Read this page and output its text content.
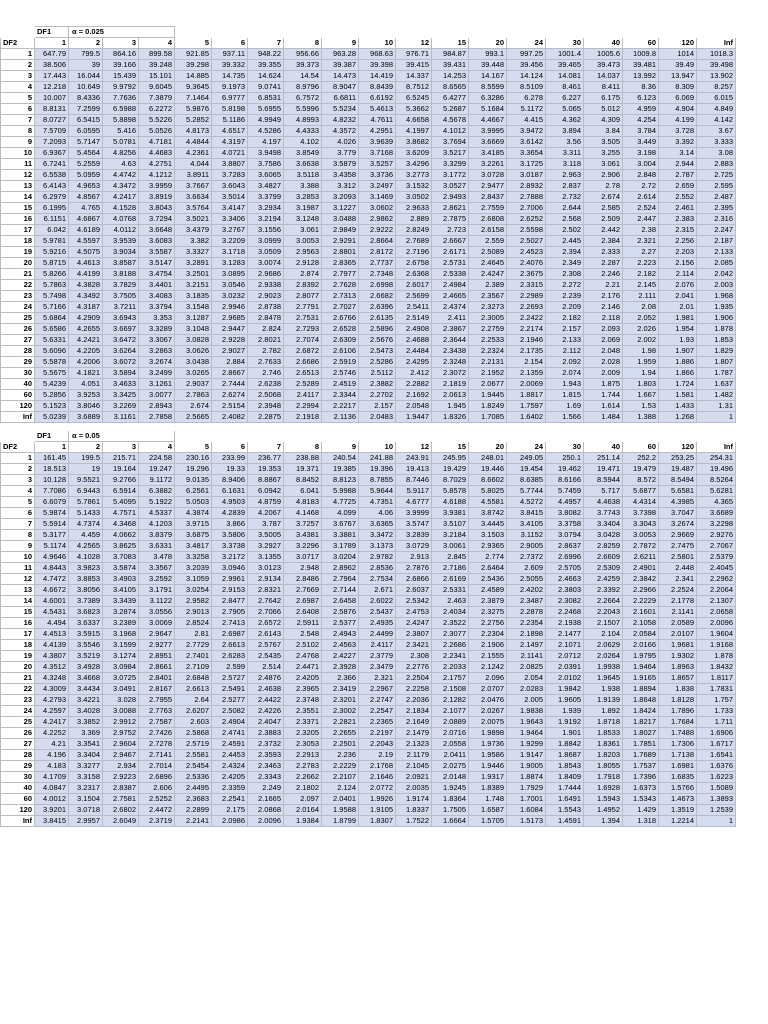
	DF1	α = 0.025																	
DF2	1	2	3	4	5	6	7	8	9	10	12	15	20	24	30	40	60	120	Inf
1	647.79	799.5	864.16	899.58	921.85	937.11	948.22	956.66	963.28	968.63	976.71	984.87	993.1	997.25	1001.4	1005.6	1009.8	1014	1018.3
2	38.506	39	39.166	39.248	39.298	39.332	39.355	39.373	39.387	39.398	39.415	39.431	39.448	39.456	39.465	39.473	39.481	39.49	39.498
3	17.443	16.044	15.439	15.101	14.885	14.735	14.624	14.54	14.473	14.419	14.337	14.253	14.167	14.124	14.081	14.037	13.992	13.947	13.902
4	12.218	10.649	9.9792	9.6045	9.3645	9.1973	9.0741	8.9796	8.9047	8.8439	8.7512	8.6565	8.5599	8.5109	8.461	8.411	8.36	8.309	8.257
5	10.007	8.4336	7.7636	7.3879	7.1464	6.9777	6.8531	6.7572	6.6811	6.6192	6.5245	6.4277	6.3286	6.278	6.227	6.175	6.123	6.069	6.015
6	8.8131	7.2599	6.5988	6.2272	5.9876	5.8198	5.6955	5.5996	5.5234	5.4613	5.3662	5.2687	5.1684	5.1172	5.065	5.012	4.959	4.904	4.849
7	8.0727	6.5415	5.8898	5.5226	5.2852	5.1186	4.9949	4.8993	4.8232	4.7611	4.6658	4.5678	4.4667	4.415	4.362	4.309	4.254	4.199	4.142
8	7.5709	6.0595	5.416	5.0526	4.8173	4.6517	4.5286	4.4333	4.3572	4.2951	4.1997	4.1012	3.9995	3.9472	3.894	3.84	3.784	3.728	3.67
9	7.2093	5.7147	5.0781	4.7181	4.4844	4.3197	4.197	4.102	4.026	3.9639	3.8682	3.7694	3.6669	3.6142	3.56	3.505	3.449	3.392	3.333
10	6.9367	5.4564	4.8256	4.4683	4.2361	4.0721	3.9498	3.8549	3.779	3.7168	3.6209	3.5217	3.4185	3.3654	3.311	3.255	3.198	3.14	3.08
11	6.7241	5.2559	4.63	4.2751	4.044	3.8807	3.7586	3.6638	3.5879	3.5257	3.4296	3.3299	3.2261	3.1725	3.118	3.061	3.004	2.944	2.883
12	6.5538	5.0959	4.4742	4.1212	3.8911	3.7283	3.6065	3.5118	3.4358	3.3736	3.2773	3.1772	3.0728	3.0187	2.963	2.906	2.848	2.787	2.725
13	6.4143	4.9653	4.3472	3.9959	3.7667	3.6043	3.4827	3.388	3.312	3.2497	3.1532	3.0527	2.9477	2.8932	2.837	2.78	2.72	2.659	2.595
14	6.2979	4.8567	4.2417	3.8919	3.6634	3.5014	3.3799	3.2853	3.2093	3.1469	3.0502	2.9493	2.8437	2.7888	2.732	2.674	2.614	2.552	2.487
15	6.1995	4.765	4.1528	3.8043	3.5764	3.4147	3.2934	3.1987	3.1227	3.0602	2.9633	2.8621	2.7559	2.7006	2.644	2.585	2.524	2.461	2.395
16	6.1151	4.6867	4.0768	3.7294	3.5021	3.3406	3.2194	3.1248	3.0488	2.9862	2.889	2.7875	2.6808	2.6252	2.568	2.509	2.447	2.383	2.316
17	6.042	4.6189	4.0112	3.6648	3.4379	3.2767	3.1556	3.061	2.9849	2.9222	2.8249	2.723	2.6158	2.5598	2.502	2.442	2.38	2.315	2.247
18	5.9781	4.5597	3.9539	3.6083	3.382	3.2209	3.0999	3.0053	2.9291	2.8664	2.7689	2.6667	2.559	2.5027	2.445	2.384	2.321	2.256	2.187
19	5.9216	4.5075	3.9034	3.5587	3.3327	3.1718	3.0509	2.9563	2.8801	2.8172	2.7196	2.6171	2.5089	2.4523	2.394	2.333	2.27	2.203	2.133
20	5.8715	4.4613	3.8587	3.5147	3.2891	3.1283	3.0074	2.9128	2.8365	2.7737	2.6758	2.5731	2.4645	2.4076	2.349	2.287	2.223	2.156	2.085
21	5.8266	4.4199	3.8188	3.4754	3.2501	3.0895	2.9686	2.874	2.7977	2.7348	2.6368	2.5338	2.4247	2.3675	2.308	2.246	2.182	2.114	2.042
22	5.7863	4.3828	3.7829	3.4401	3.2151	3.0546	2.9338	2.8392	2.7628	2.6998	2.6017	2.4984	2.389	2.3315	2.272	2.21	2.145	2.076	2.003
23	5.7498	4.3492	3.7505	3.4083	3.1835	3.0232	2.9023	2.8077	2.7313	2.6682	2.5699	2.4665	2.3567	2.2989	2.239	2.176	2.111	2.041	1.968
24	5.7166	4.3187	3.7211	3.3794	3.1548	2.9946	2.8738	2.7791	2.7027	2.6396	2.5411	2.4374	2.3273	2.2693	2.209	2.146	2.08	2.01	1.935
25	5.6864	4.2909	3.6943	3.353	3.1287	2.9685	2.8478	2.7531	2.6766	2.6135	2.5149	2.411	2.3005	2.2422	2.182	2.118	2.052	1.981	1.906
26	5.6586	4.2655	3.6697	3.3289	3.1048	2.9447	2.824	2.7293	2.6528	2.5896	2.4908	2.3867	2.2759	2.2174	2.157	2.093	2.026	1.954	1.878
27	5.6331	4.2421	3.6472	3.3067	3.0828	2.9228	2.8021	2.7074	2.6309	2.5676	2.4688	2.3644	2.2533	2.1946	2.133	2.069	2.002	1.93	1.853
28	5.6096	4.2205	3.6264	3.2863	3.0626	2.9027	2.782	2.6872	2.6106	2.5473	2.4484	2.3438	2.2324	2.1735	2.112	2.048	1.98	1.907	1.829
29	5.5878	4.2006	3.6072	3.2674	3.0438	2.884	2.7633	2.6686	2.5919	2.5286	2.4295	2.3248	2.2131	2.154	2.092	2.028	1.959	1.886	1.807
30	5.5675	4.1821	3.5894	3.2499	3.0265	2.8667	2.746	2.6513	2.5746	2.5112	2.412	2.3072	2.1952	2.1359	2.074	2.009	1.94	1.866	1.787
40	5.4239	4.051	3.4633	3.1261	2.9037	2.7444	2.6238	2.5289	2.4519	2.3882	2.2882	2.1819	2.0677	2.0069	1.943	1.875	1.803	1.724	1.637
60	5.2856	3.9253	3.3425	3.0077	2.7863	2.6274	2.5068	2.4117	2.3344	2.2702	2.1692	2.0613	1.9445	1.8817	1.815	1.744	1.667	1.581	1.482
120	5.1523	3.8046	3.2269	2.8943	2.674	2.5154	2.3948	2.2994	2.2217	2.157	2.0548	1.945	1.8249	1.7597	1.69	1.614	1.53	1.433	1.31
Inf	5.0239	3.6889	3.1161	2.7858	2.5665	2.4082	2.2875	2.1918	2.1136	2.0483	1.9447	1.8326	1.7085	1.6402	1.566	1.484	1.388	1.268	1

	DF1	α = 0.05																	
DF2	1	2	3	4	5	6	7	8	9	10	12	15	20	24	30	40	60	120	Inf
1	161.45	199.5	215.71	224.58	230.16	233.99	236.77	238.88	240.54	241.88	243.91	245.95	248.01	249.05	250.1	251.14	252.2	253.25	254.31
2	18.513	19	19.164	19.247	19.296	19.33	19.353	19.371	19.385	19.396	19.413	19.429	19.446	19.454	19.462	19.471	19.479	19.487	19.496
3	10.128	9.5521	9.2766	9.1172	9.0135	8.9406	8.8867	8.8452	8.8123	8.7855	8.7446	8.7029	8.6602	8.6385	8.6166	8.5944	8.572	8.5494	8.5264
4	7.7086	6.9443	6.5914	6.3882	6.2561	6.1631	6.0942	6.041	5.9988	5.9644	5.9117	5.8578	5.8025	5.7744	5.7459	5.717	5.6877	5.6581	5.6281
5	6.6079	5.7861	5.4095	5.1922	5.0503	4.9503	4.8759	4.8183	4.7725	4.7351	4.6777	4.6188	4.5581	4.5272	4.4957	4.4638	4.4314	4.3985	4.365
6	5.9874	5.1433	4.7571	4.5337	4.3874	4.2839	4.2067	4.1468	4.099	4.06	3.9999	3.9381	3.8742	3.8415	3.8082	3.7743	3.7398	3.7047	3.6689
7	5.5914	4.7374	4.3468	4.1203	3.9715	3.866	3.787	3.7257	3.6767	3.6365	3.5747	3.5107	3.4445	3.4105	3.3758	3.3404	3.3043	3.2674	3.2298
8	5.3177	4.459	4.0662	3.8379	3.6875	3.5806	3.5005	3.4381	3.3881	3.3472	3.2839	3.2184	3.1503	3.1152	3.0794	3.0428	3.0053	2.9669	2.9276
9	5.1174	4.2565	3.8625	3.6331	3.4817	3.3738	3.2927	3.2296	3.1789	3.1373	3.0729	3.0061	2.9365	2.9005	2.8637	2.8259	2.7872	2.7475	2.7067
10	4.9646	4.1028	3.7083	3.478	3.3258	3.2172	3.1355	3.0717	3.0204	2.9782	2.913	2.845	2.774	2.7372	2.6996	2.6609	2.6211	2.5801	2.5379
11	4.8443	3.9823	3.5874	3.3567	3.2039	3.0946	3.0123	2.948	2.8962	2.8536	2.7876	2.7186	2.6464	2.609	2.5705	2.5309	2.4901	2.448	2.4045
12	4.7472	3.8853	3.4903	3.2592	3.1059	2.9961	2.9134	2.8486	2.7964	2.7534	2.6866	2.6169	2.5436	2.5055	2.4663	2.4259	2.3842	2.341	2.2962
13	4.6672	3.8056	3.4105	3.1791	3.0254	2.9153	2.8321	2.7669	2.7144	2.671	2.6037	2.5331	2.4589	2.4202	2.3803	2.3392	2.2966	2.2524	2.2064
14	4.6001	3.7389	3.3439	3.1122	2.9582	2.8477	2.7642	2.6987	2.6458	2.6022	2.5342	2.463	2.3879	2.3487	2.3082	2.2664	2.2229	2.1778	2.1307
15	4.5431	3.6823	3.2874	3.0556	2.9013	2.7905	2.7066	2.6408	2.5876	2.5437	2.4753	2.4034	2.3275	2.2878	2.2468	2.2043	2.1601	2.1141	2.0658
16	4.494	3.6337	3.2389	3.0069	2.8524	2.7413	2.6572	2.5911	2.5377	2.4935	2.4247	2.3522	2.2756	2.2354	2.1938	2.1507	2.1058	2.0589	2.0096
17	4.4513	3.5915	3.1968	2.9647	2.81	2.6987	2.6143	2.548	2.4943	2.4499	2.3807	2.3077	2.2304	2.1898	2.1477	2.104	2.0584	2.0107	1.9604
18	4.4139	3.5546	3.1599	2.9277	2.7729	2.6613	2.5767	2.5102	2.4563	2.4117	2.3421	2.2686	2.1906	2.1497	2.1071	2.0629	2.0166	1.9681	1.9168
19	4.3807	3.5219	3.1274	2.8951	2.7401	2.6283	2.5435	2.4768	2.4227	2.3779	2.308	2.2341	2.1555	2.1141	2.0712	2.0264	1.9795	1.9302	1.878
20	4.3512	3.4928	3.0984	2.8661	2.7109	2.599	2.514	2.4471	2.3928	2.3479	2.2776	2.2033	2.1242	2.0825	2.0391	1.9938	1.9464	1.8963	1.8432
21	4.3248	3.4668	3.0725	2.8401	2.6848	2.5727	2.4876	2.4205	2.366	2.321	2.2504	2.1757	2.096	2.054	2.0102	1.9645	1.9165	1.8657	1.8117
22	4.3009	3.4434	3.0491	2.8167	2.6613	2.5491	2.4638	2.3965	2.3419	2.2967	2.2258	2.1508	2.0707	2.0283	1.9842	1.938	1.8894	1.838	1.7831
23	4.2793	3.4221	3.028	2.7955	2.64	2.5277	2.4422	2.3748	2.3201	2.2747	2.2036	2.1282	2.0476	2.005	1.9605	1.9139	1.8648	1.8128	1.757
24	4.2597	3.4028	3.0088	2.7763	2.6207	2.5082	2.4226	2.3551	2.3002	2.2547	2.1834	2.1077	2.0267	1.9838	1.939	1.892	1.8424	1.7896	1.733
25	4.2417	3.3852	2.9912	2.7587	2.603	2.4904	2.4047	2.3371	2.2821	2.2365	2.1649	2.0889	2.0075	1.9643	1.9192	1.8718	1.8217	1.7684	1.711
26	4.2252	3.369	2.9752	2.7426	2.5868	2.4741	2.3883	2.3205	2.2655	2.2197	2.1479	2.0716	1.9898	1.9464	1.901	1.8533	1.8027	1.7488	1.6906
27	4.21	3.3541	2.9604	2.7278	2.5719	2.4591	2.3732	2.3053	2.2501	2.2043	2.1323	2.0558	1.9736	1.9299	1.8842	1.8361	1.7851	1.7306	1.6717
28	4.196	3.3404	2.9467	2.7141	2.5581	2.4453	2.3593	2.2913	2.236	2.19	2.1179	2.0411	1.9586	1.9147	1.8687	1.8203	1.7689	1.7138	1.6541
29	4.183	3.3277	2.934	2.7014	2.5454	2.4324	2.3463	2.2783	2.2229	2.1768	2.1045	2.0275	1.9446	1.9005	1.8543	1.8055	1.7537	1.6981	1.6376
30	4.1709	3.3158	2.9223	2.6896	2.5336	2.4205	2.3343	2.2662	2.2107	2.1646	2.0921	2.0148	1.9317	1.8874	1.8409	1.7918	1.7396	1.6835	1.6223
40	4.0847	3.2317	2.8387	2.606	2.4495	2.3359	2.249	2.1802	2.124	2.0772	2.0035	1.9245	1.8389	1.7929	1.7444	1.6928	1.6373	1.5766	1.5089
60	4.0012	3.1504	2.7581	2.5252	2.3683	2.2541	2.1665	2.097	2.0401	1.9926	1.9174	1.8364	1.748	1.7001	1.6491	1.5943	1.5343	1.4673	1.3893
120	3.9201	3.0718	2.6802	2.4472	2.2899	2.175	2.0868	2.0164	1.9588	1.9105	1.8337	1.7505	1.6587	1.6084	1.5543	1.4952	1.429	1.3519	1.2539
Inf	3.8415	2.9957	2.6049	2.3719	2.2141	2.0986	2.0096	1.9384	1.8799	1.8307	1.7522	1.6664	1.5705	1.5173	1.4591	1.394	1.318	1.2214	1
